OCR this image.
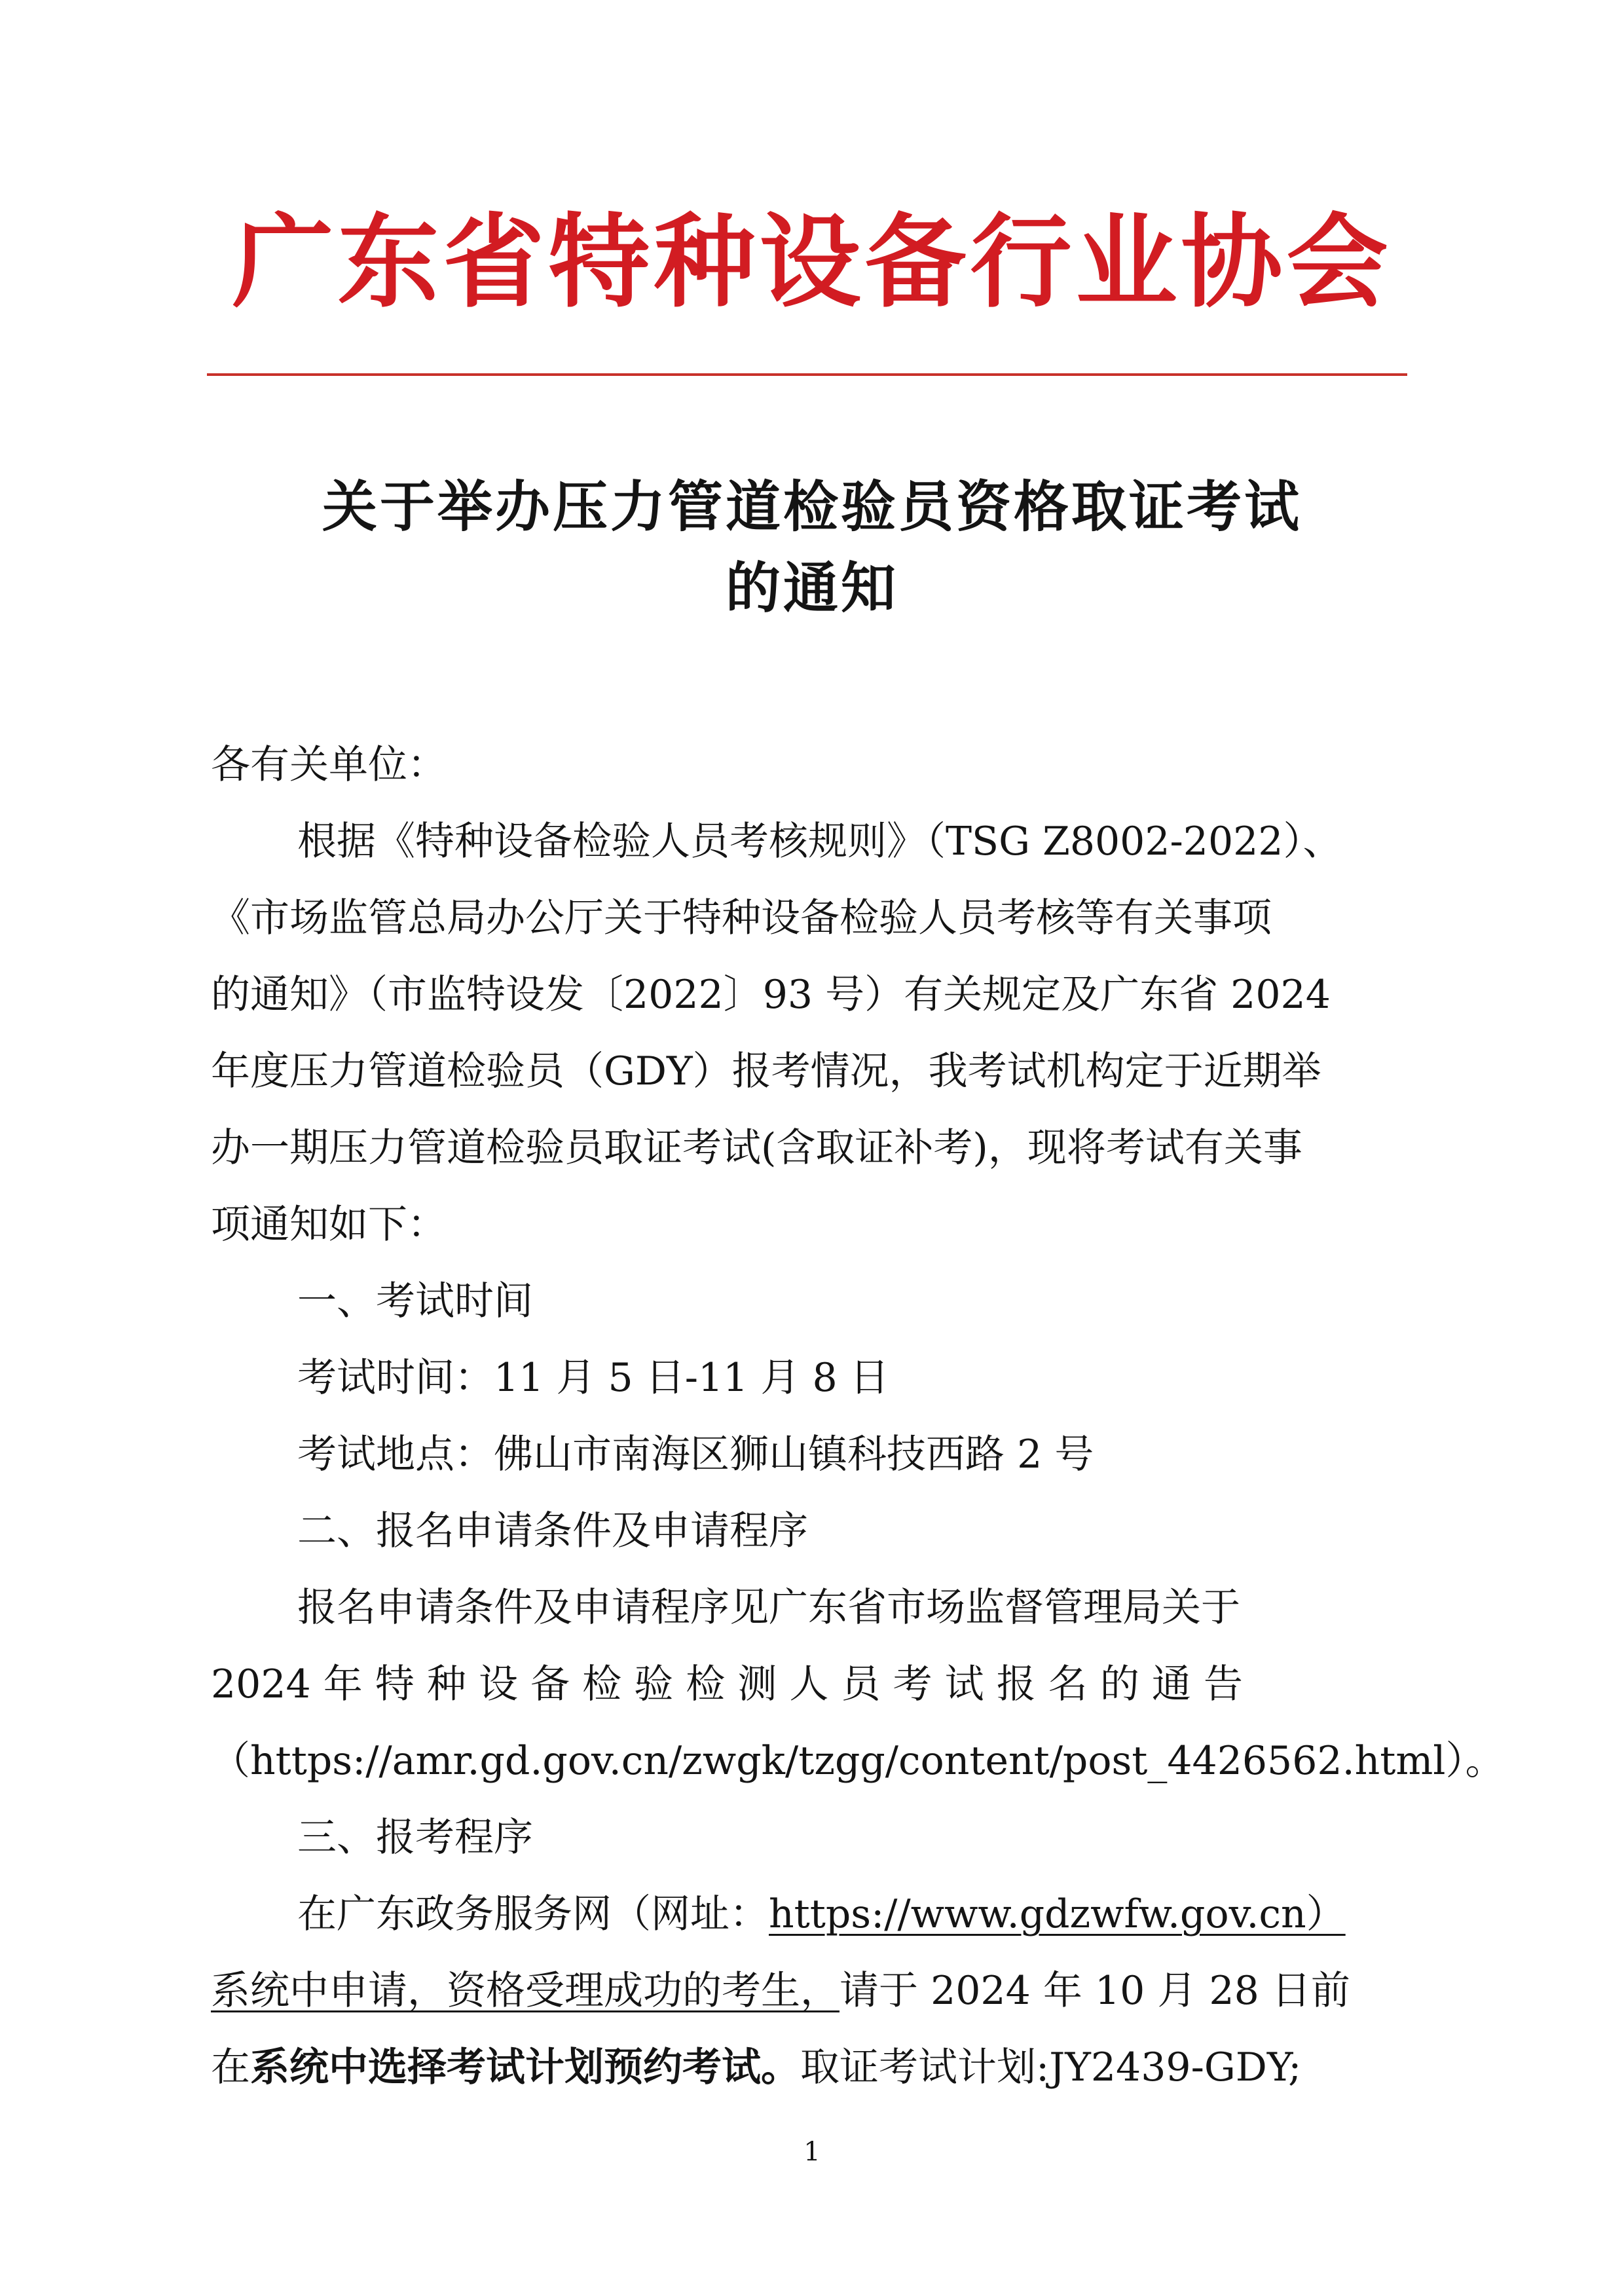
广东省特种设备行业协会
关于举办压力管道检验员资格取证考试
的通知
各有关单位：
根据《特种设备检验人员考核规则》（TSG Z8002-2022）、
《市场监管总局办公厅关于特种设备检验人员考核等有关事项
的通知》（市监特设发〔2022〕93 号）有关规定及广东省 2024
年度压力管道检验员（GDY）报考情况，我考试机构定于近期举
办一期压力管道检验员取证考试(含取证补考)，现将考试有关事
项通知如下：
一、考试时间
考试时间：11 月 5 日-11 月 8 日
考试地点：佛山市南海区狮山镇科技西路 2 号
二、报名申请条件及申请程序
报名申请条件及申请程序见广东省市场监督管理局关于
2024 年 特 种 设 备 检 验 检 测 人 员 考 试 报 名 的 通 告
（https://amr.gd.gov.cn/zwgk/tzgg/content/post_4426562.html）。
三、报考程序
在广东政务服务网（网址：https://www.gdzwfw.gov.cn）
系统中申请，资格受理成功的考生，请于 2024 年 10 月 28 日前
在系统中选择考试计划预约考试。取证考试计划:JY2439-GDY;
1
